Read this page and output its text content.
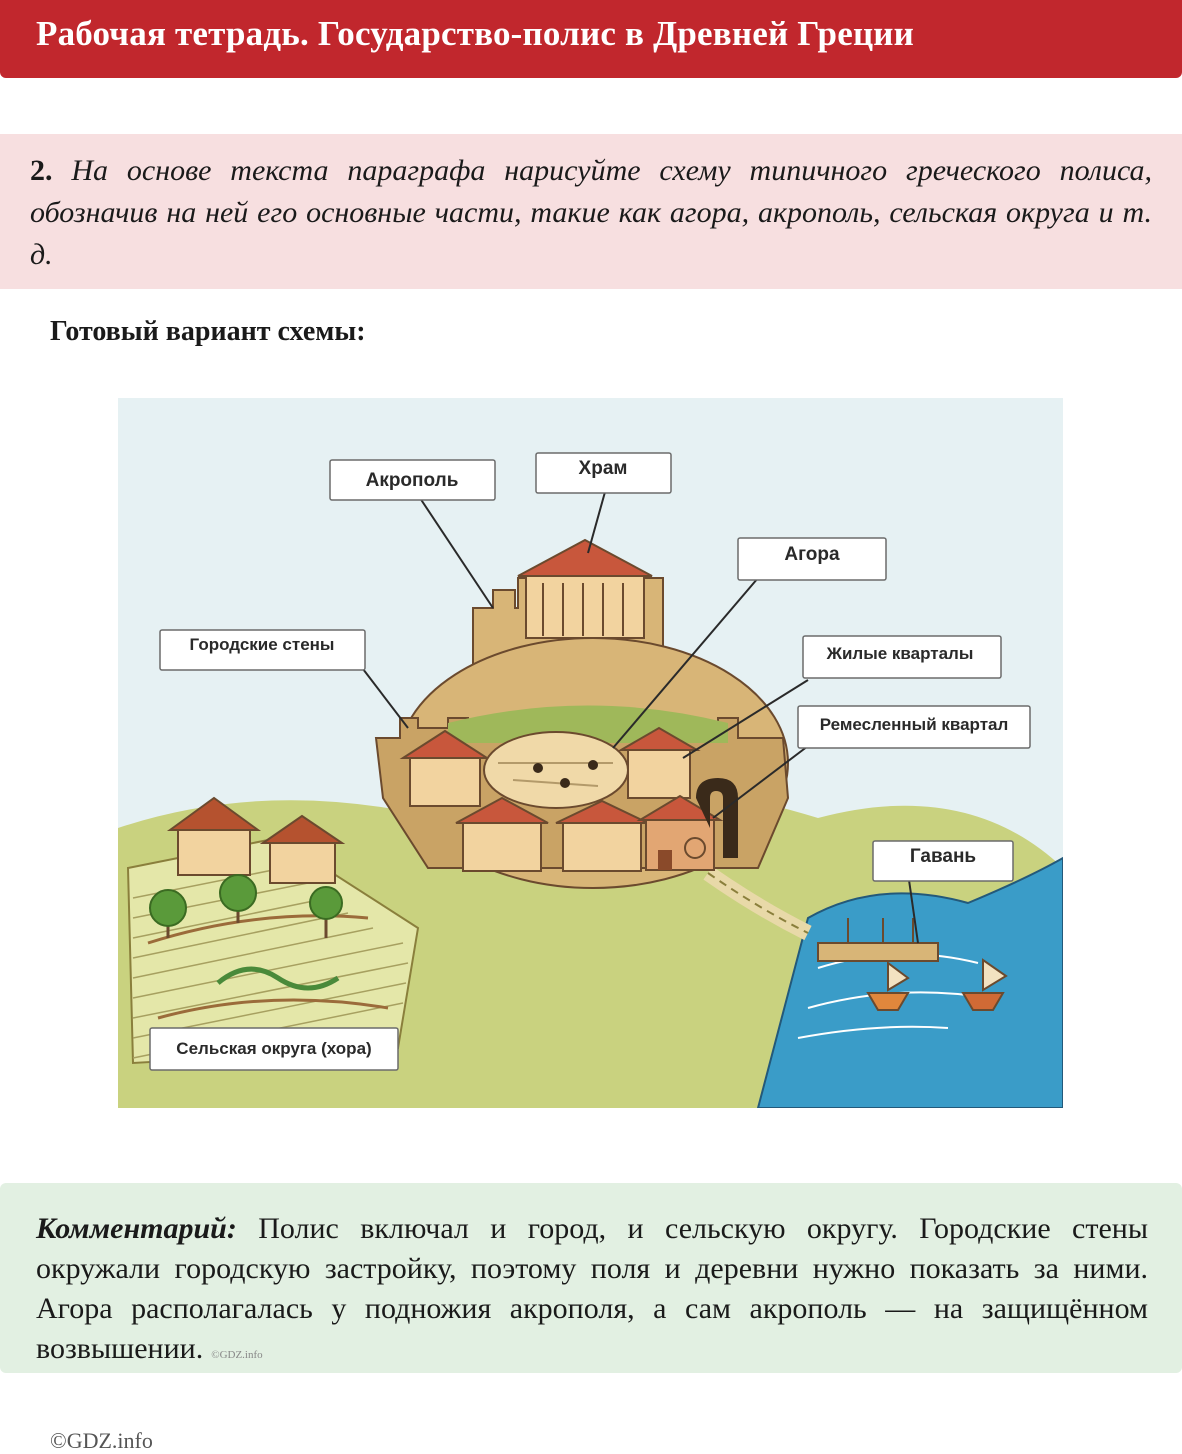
Рабочая тетрадь. Государство-полис в Древней Греции

2. На основе текста параграфа нарисуйте схему типичного греческого полиса, обозначив на ней его основные части, такие как агора, акрополь, сельская округа и т. д.

Готовый вариант схемы:
Акрополь
Храм
Агора
Городские стены	Жилые кварталы
Ремесленный квартал
Гавань
Сельская округа (хора)

Комментарий: Полис включал и город, и сельскую округу. Городские стены окружали городскую застройку, поэтому поля и деревни нужно показать за ними. Агора располагалась у подножия акрополя, а сам акрополь — на защищённом возвышении. ©GDZ.info

©GDZ.info
